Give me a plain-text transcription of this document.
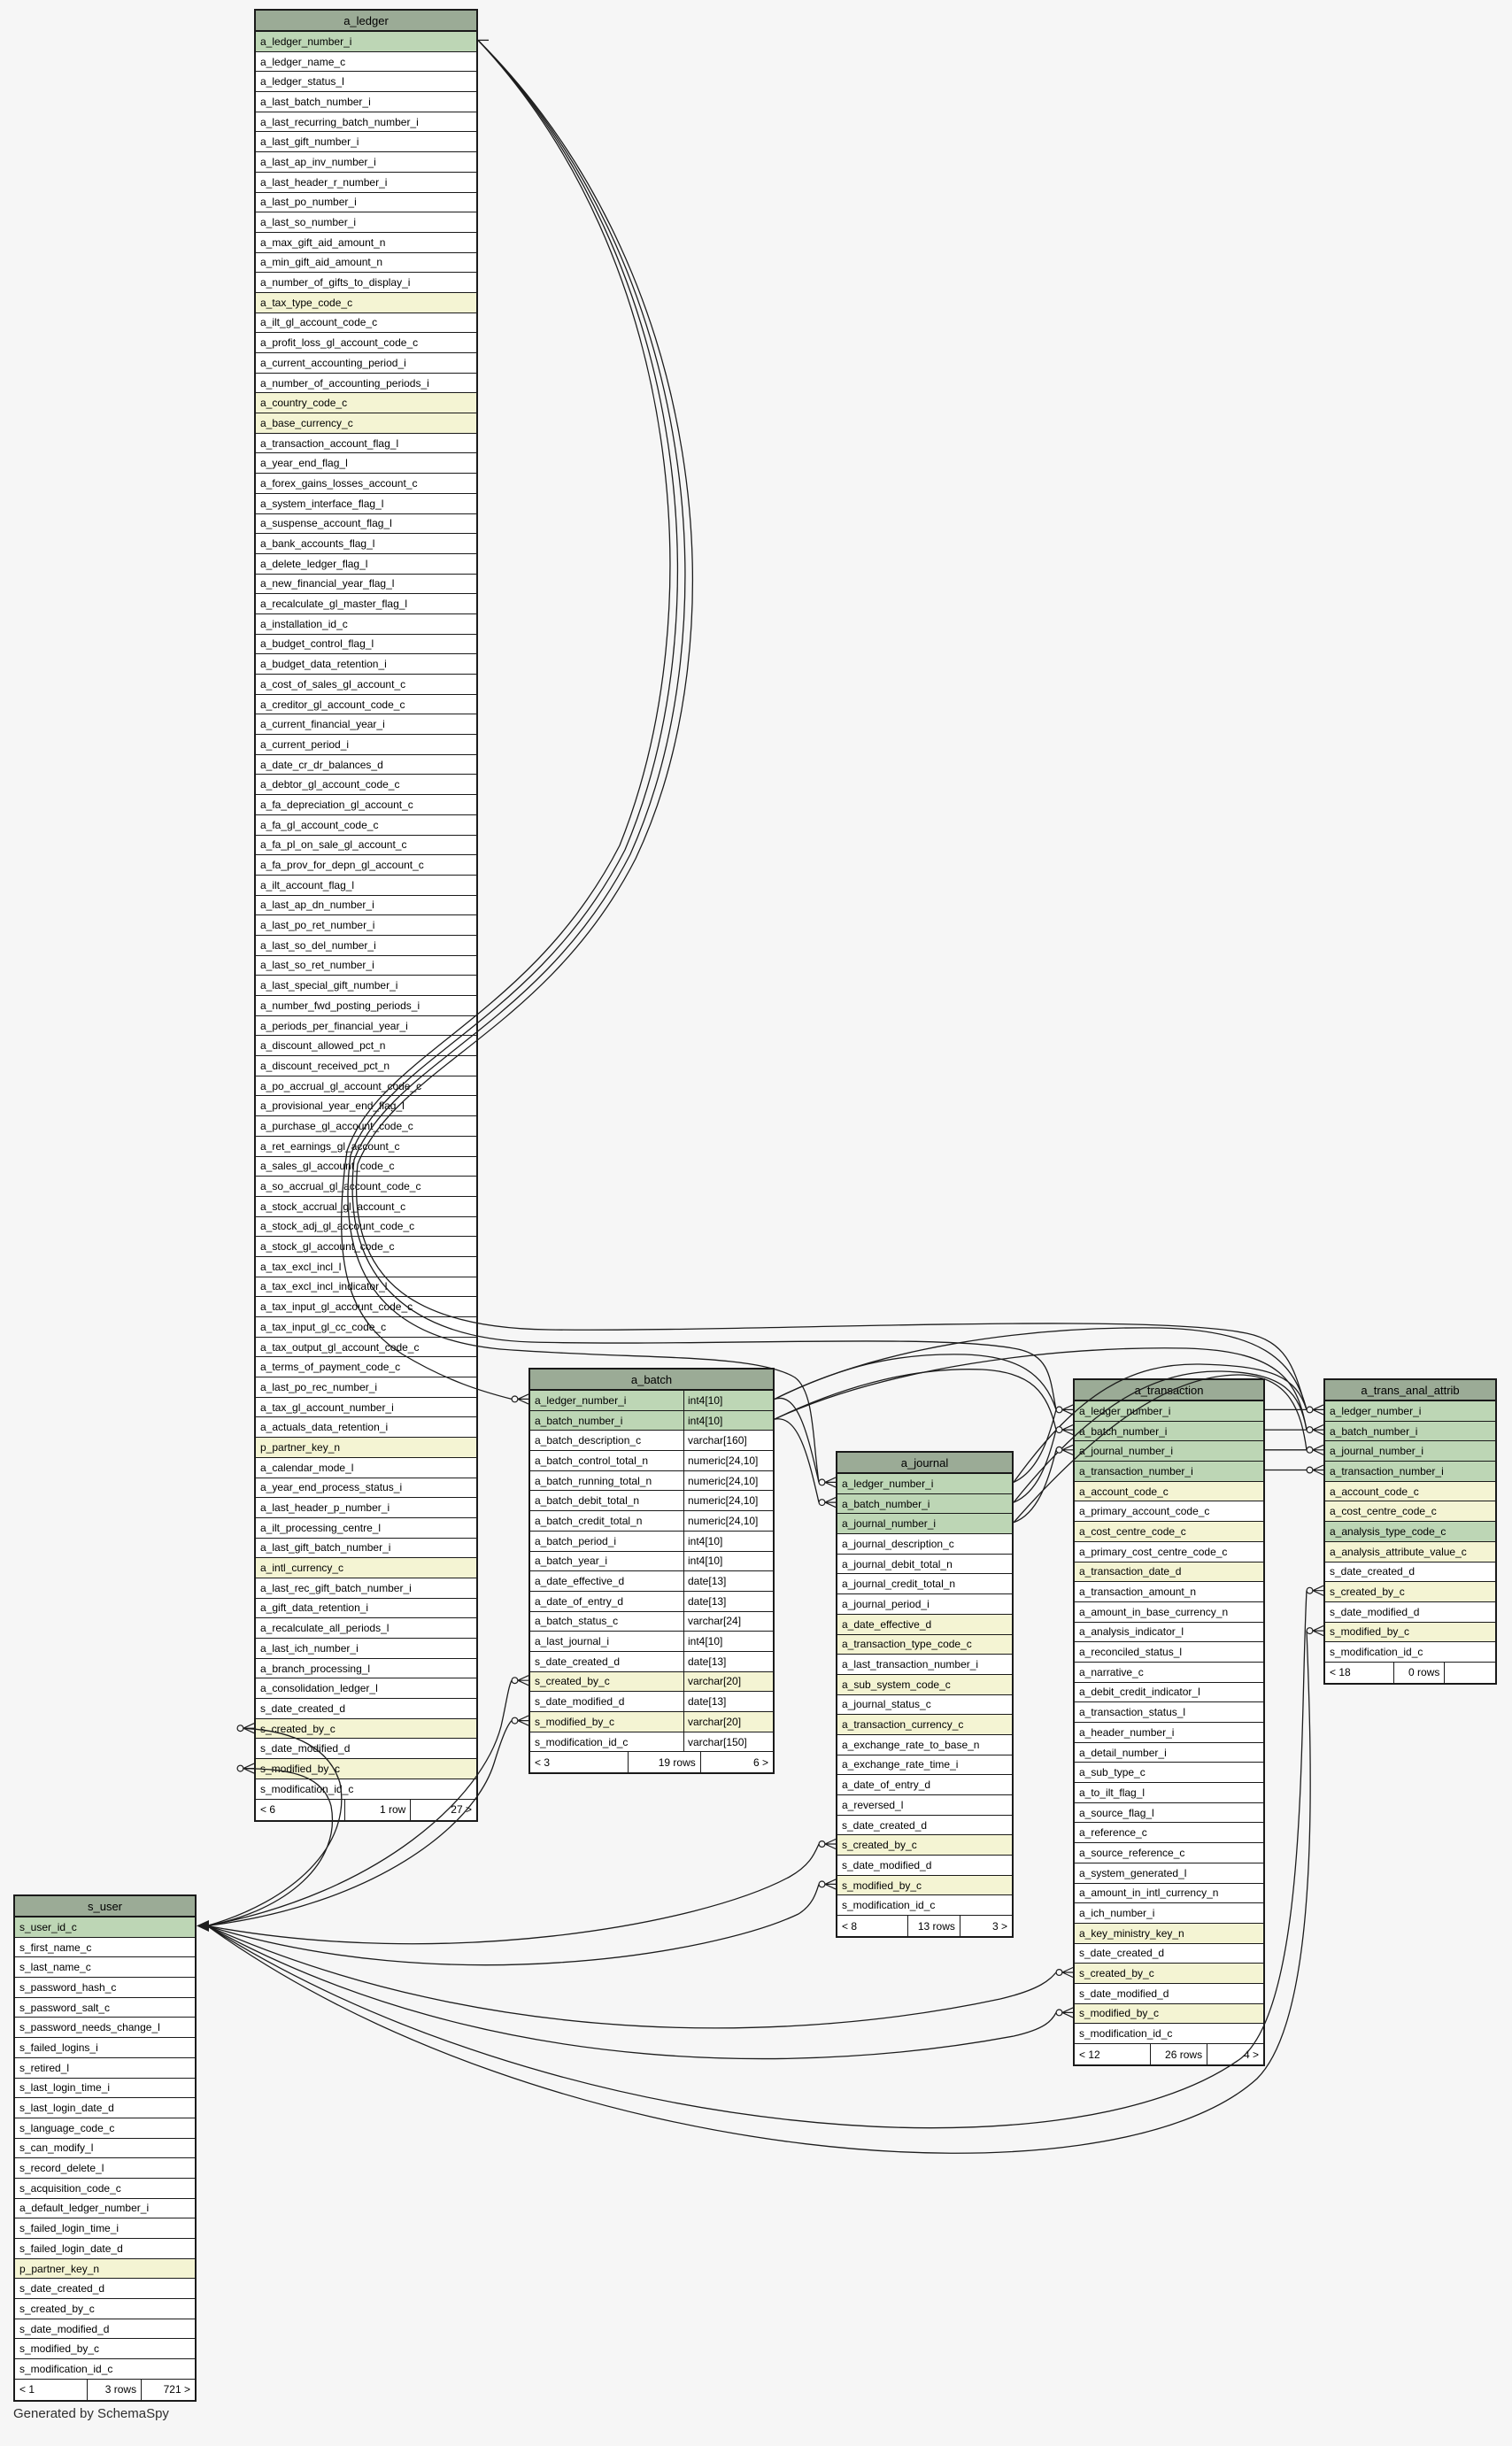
a_ledger
a_ledger_number_i
a_ledger_name_c
a_ledger_status_l
a_last_batch_number_i
a_last_recurring_batch_number_i
a_last_gift_number_i
a_last_ap_inv_number_i
a_last_header_r_number_i
a_last_po_number_i
a_last_so_number_i
a_max_gift_aid_amount_n
a_min_gift_aid_amount_n
a_number_of_gifts_to_display_i
a_tax_type_code_c
a_ilt_gl_account_code_c
a_profit_loss_gl_account_code_c
a_current_accounting_period_i
a_number_of_accounting_periods_i
a_country_code_c
a_base_currency_c
a_transaction_account_flag_l
a_year_end_flag_l
a_forex_gains_losses_account_c
a_system_interface_flag_l
a_suspense_account_flag_l
a_bank_accounts_flag_l
a_delete_ledger_flag_l
a_new_financial_year_flag_l
a_recalculate_gl_master_flag_l
a_installation_id_c
a_budget_control_flag_l
a_budget_data_retention_i
a_cost_of_sales_gl_account_c
a_creditor_gl_account_code_c
a_current_financial_year_i
a_current_period_i
a_date_cr_dr_balances_d
a_debtor_gl_account_code_c
a_fa_depreciation_gl_account_c
a_fa_gl_account_code_c
a_fa_pl_on_sale_gl_account_c
a_fa_prov_for_depn_gl_account_c
a_ilt_account_flag_l
a_last_ap_dn_number_i
a_last_po_ret_number_i
a_last_so_del_number_i
a_last_so_ret_number_i
a_last_special_gift_number_i
a_number_fwd_posting_periods_i
a_periods_per_financial_year_i
a_discount_allowed_pct_n
a_discount_received_pct_n
a_po_accrual_gl_account_code_c
a_provisional_year_end_flag_l
a_purchase_gl_account_code_c
a_ret_earnings_gl_account_c
a_sales_gl_account_code_c
a_so_accrual_gl_account_code_c
a_stock_accrual_gl_account_c
a_stock_adj_gl_account_code_c
a_stock_gl_account_code_c
a_tax_excl_incl_l
a_tax_excl_incl_indicator_l
a_tax_input_gl_account_code_c
a_tax_input_gl_cc_code_c
a_tax_output_gl_account_code_c
a_terms_of_payment_code_c
a_last_po_rec_number_i
a_tax_gl_account_number_i
a_actuals_data_retention_i
p_partner_key_n
a_calendar_mode_l
a_year_end_process_status_i
a_last_header_p_number_i
a_ilt_processing_centre_l
a_last_gift_batch_number_i
a_intl_currency_c
a_last_rec_gift_batch_number_i
a_gift_data_retention_i
a_recalculate_all_periods_l
a_last_ich_number_i
a_branch_processing_l
a_consolidation_ledger_l
s_date_created_d
s_created_by_c
s_date_modified_d
s_modified_by_c
s_modification_id_c
< 6	1 row	27 >
a_batch
a_ledger_number_i	int4[10]
a_batch_number_i	int4[10]
a_batch_description_c	varchar[160]
a_batch_control_total_n	numeric[24,10]
a_batch_running_total_n	numeric[24,10]
a_batch_debit_total_n	numeric[24,10]
a_batch_credit_total_n	numeric[24,10]
a_batch_period_i	int4[10]
a_batch_year_i	int4[10]
a_date_effective_d	date[13]
a_date_of_entry_d	date[13]
a_batch_status_c	varchar[24]
a_last_journal_i	int4[10]
s_date_created_d	date[13]
s_created_by_c	varchar[20]
s_date_modified_d	date[13]
s_modified_by_c	varchar[20]
s_modification_id_c	varchar[150]
< 3	19 rows	6 >
a_journal
a_ledger_number_i
a_batch_number_i
a_journal_number_i
a_journal_description_c
a_journal_debit_total_n
a_journal_credit_total_n
a_journal_period_i
a_date_effective_d
a_transaction_type_code_c
a_last_transaction_number_i
a_sub_system_code_c
a_journal_status_c
a_transaction_currency_c
a_exchange_rate_to_base_n
a_exchange_rate_time_i
a_date_of_entry_d
a_reversed_l
s_date_created_d
s_created_by_c
s_date_modified_d
s_modified_by_c
s_modification_id_c
< 8	13 rows	3 >
a_transaction
a_ledger_number_i
a_batch_number_i
a_journal_number_i
a_transaction_number_i
a_account_code_c
a_primary_account_code_c
a_cost_centre_code_c
a_primary_cost_centre_code_c
a_transaction_date_d
a_transaction_amount_n
a_amount_in_base_currency_n
a_analysis_indicator_l
a_reconciled_status_l
a_narrative_c
a_debit_credit_indicator_l
a_transaction_status_l
a_header_number_i
a_detail_number_i
a_sub_type_c
a_to_ilt_flag_l
a_source_flag_l
a_reference_c
a_source_reference_c
a_system_generated_l
a_amount_in_intl_currency_n
a_ich_number_i
a_key_ministry_key_n
s_date_created_d
s_created_by_c
s_date_modified_d
s_modified_by_c
s_modification_id_c
< 12	26 rows	4 >
a_trans_anal_attrib
a_ledger_number_i
a_batch_number_i
a_journal_number_i
a_transaction_number_i
a_account_code_c
a_cost_centre_code_c
a_analysis_type_code_c
a_analysis_attribute_value_c
s_date_created_d
s_created_by_c
s_date_modified_d
s_modified_by_c
s_modification_id_c
< 18	0 rows
s_user
s_user_id_c
s_first_name_c
s_last_name_c
s_password_hash_c
s_password_salt_c
s_password_needs_change_l
s_failed_logins_i
s_retired_l
s_last_login_time_i
s_last_login_date_d
s_language_code_c
s_can_modify_l
s_record_delete_l
s_acquisition_code_c
a_default_ledger_number_i
s_failed_login_time_i
s_failed_login_date_d
p_partner_key_n
s_date_created_d
s_created_by_c
s_date_modified_d
s_modified_by_c
s_modification_id_c
< 1	3 rows	721 >
Generated by SchemaSpy
